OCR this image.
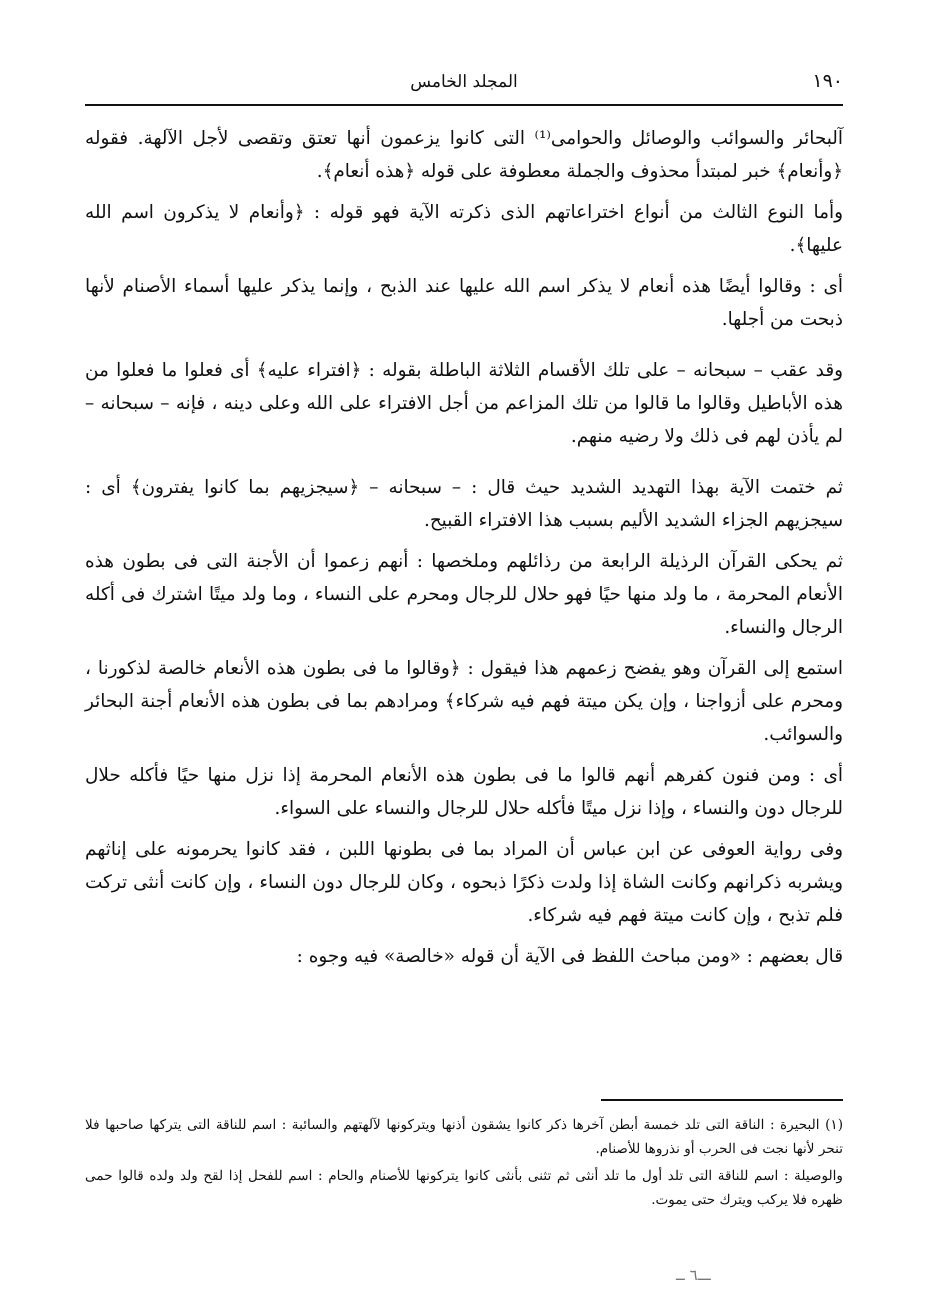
١٩٠
المجلد الخامس

آلبحائر والسوائب والوصائل والحوامى⁽¹⁾ التى كانوا يزعمون أنها تعتق وتقصى لأجل الآلهة. فقوله ﴿وأنعام﴾ خبر لمبتدأ محذوف والجملة معطوفة على قوله ﴿هذه أنعام﴾.

وأما النوع الثالث من أنواع اختراعاتهم الذى ذكرته الآية فهو قوله : ﴿وأنعام لا يذكرون اسم الله عليها﴾.

أى : وقالوا أيضًا هذه أنعام لا يذكر اسم الله عليها عند الذبح ، وإنما يذكر عليها أسماء الأصنام لأنها ذبحت من أجلها.

وقد عقب – سبحانه – على تلك الأقسام الثلاثة الباطلة بقوله : ﴿افتراء عليه﴾ أى فعلوا ما فعلوا من هذه الأباطيل وقالوا ما قالوا من تلك المزاعم من أجل الافتراء على الله وعلى دينه ، فإنه – سبحانه – لم يأذن لهم فى ذلك ولا رضيه منهم.

ثم ختمت الآية بهذا التهديد الشديد حيث قال : – سبحانه – ﴿سيجزيهم بما كانوا يفترون﴾ أى : سيجزيهم الجزاء الشديد الأليم بسبب هذا الافتراء القبيح.

ثم يحكى القرآن الرذيلة الرابعة من رذائلهم وملخصها : أنهم زعموا أن الأجنة التى فى بطون هذه الأنعام المحرمة ، ما ولد منها حيًا فهو حلال للرجال ومحرم على النساء ، وما ولد ميتًا اشترك فى أكله الرجال والنساء.

استمع إلى القرآن وهو يفضح زعمهم هذا فيقول : ﴿وقالوا ما فى بطون هذه الأنعام خالصة لذكورنا ، ومحرم على أزواجنا ، وإن يكن ميتة فهم فيه شركاء﴾ ومرادهم بما فى بطون هذه الأنعام أجنة البحائر والسوائب.

أى : ومن فنون كفرهم أنهم قالوا ما فى بطون هذه الأنعام المحرمة إذا نزل منها حيًا فأكله حلال للرجال دون والنساء ، وإذا نزل ميتًا فأكله حلال للرجال والنساء على السواء.

وفى رواية العوفى عن ابن عباس أن المراد بما فى بطونها اللبن ، فقد كانوا يحرمونه على إناثهم ويشربه ذكرانهم وكانت الشاة إذا ولدت ذكرًا ذبحوه ، وكان للرجال دون النساء ، وإن كانت أنثى تركت فلم تذبح ، وإن كانت ميتة فهم فيه شركاء.

قال بعضهم : «ومن مباحث اللفظ فى الآية أن قوله «خالصة» فيه وجوه :

(١) البحيرة : الناقة التى تلد خمسة أبطن آخرها ذكر كانوا يشقون أذنها ويتركونها لآلهتهم والسائبة : اسم للناقة التى يتركها صاحبها فلا تنحر لأنها نجت فى الحرب أو نذروها للأصنام.

والوصيلة : اسم للناقة التى تلد أول ما تلد أنثى ثم تثنى بأنثى كانوا يتركونها للأصنام والحام : اسم للفحل إذا لقح ولد ولده قالوا حمى ظهره فلا يركب ويترك حتى يموت.

ـــ٦ ــ
